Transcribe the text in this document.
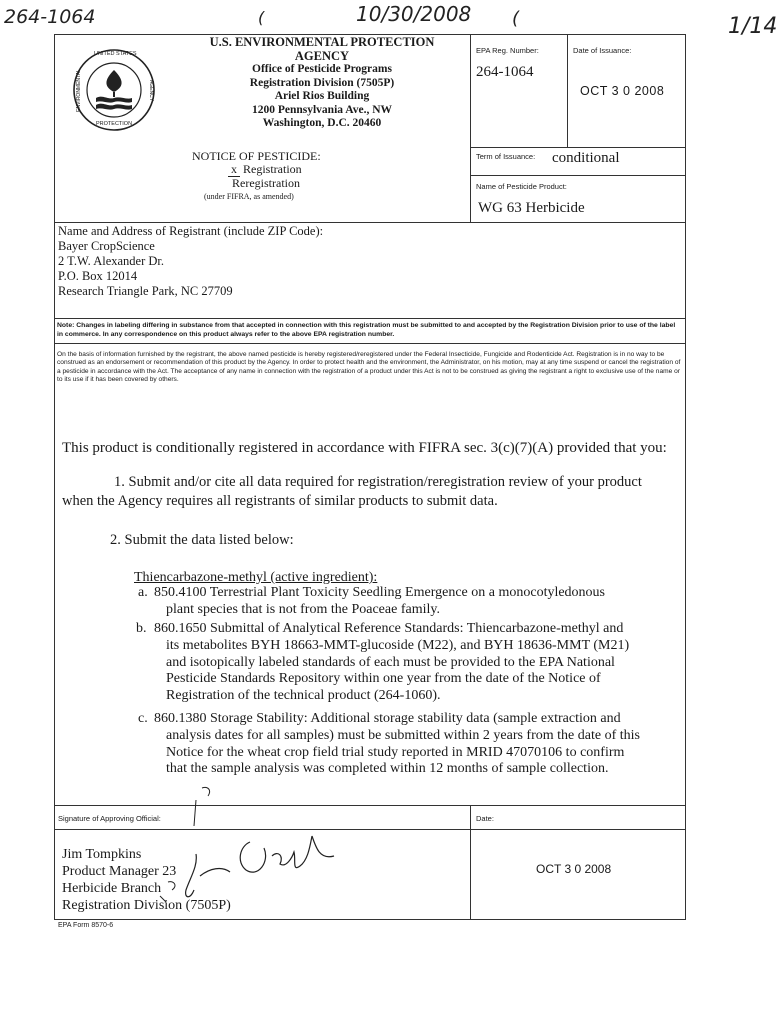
264-1064	10/30/2008	1/14
(	(
UNITED STATES
ENVIRONMENTAL
PROTECTION
AGENCY
U.S. ENVIRONMENTAL PROTECTION
AGENCY
Office of Pesticide Programs
Registration Division (7505P)
Ariel Rios Building
1200 Pennsylvania Ave., NW
Washington, D.C. 20460
NOTICE OF PESTICIDE:
x Registration
Reregistration
(under FIFRA, as amended)
EPA Reg. Number:
264-1064
Date of Issuance:
OCT 3 0 2008
Term of Issuance: conditional
Name of Pesticide Product:
WG 63 Herbicide
Name and Address of Registrant (include ZIP Code):
Bayer CropScience
2 T.W. Alexander Dr.
P.O. Box 12014
Research Triangle Park, NC 27709
Note: Changes in labeling differing in substance from that accepted in connection with this registration must be submitted to and accepted by the Registration Division prior to use of the label in commerce. In any correspondence on this product always refer to the above EPA registration number.
On the basis of information furnished by the registrant, the above named pesticide is hereby registered/reregistered under the Federal Insecticide, Fungicide and Rodenticide Act. Registration is in no way to be construed as an endorsement or recommendation of this product by the Agency. In order to protect health and the environment, the Administrator, on his motion, may at any time suspend or cancel the registration of a pesticide in accordance with the Act. The acceptance of any name in connection with the registration of a product under this Act is not to be construed as giving the registrant a right to exclusive use of the name or to its use if it has been covered by others.
This product is conditionally registered in accordance with FIFRA sec. 3(c)(7)(A) provided that you:
1. Submit and/or cite all data required for registration/reregistration review of your product
when the Agency requires all registrants of similar products to submit data.
2. Submit the data listed below:
Thiencarbazone-methyl (active ingredient):
a. 850.4100 Terrestrial Plant Toxicity Seedling Emergence on a monocotyledonous
plant species that is not from the Poaceae family.
b. 860.1650 Submittal of Analytical Reference Standards: Thiencarbazone-methyl and
its metabolites BYH 18663-MMT-glucoside (M22), and BYH 18636-MMT (M21)
and isotopically labeled standards of each must be provided to the EPA National
Pesticide Standards Repository within one year from the date of the Notice of
Registration of the technical product (264-1060).
c. 860.1380 Storage Stability: Additional storage stability data (sample extraction and
analysis dates for all samples) must be submitted within 2 years from the date of this
Notice for the wheat crop field trial study reported in MRID 47070106 to confirm
that the sample analysis was completed within 12 months of sample collection.
Signature of Approving Official:
Jim Tompkins
Product Manager 23
Herbicide Branch
Registration Division (7505P)
Date:
OCT 3 0 2008
EPA Form 8570-6
